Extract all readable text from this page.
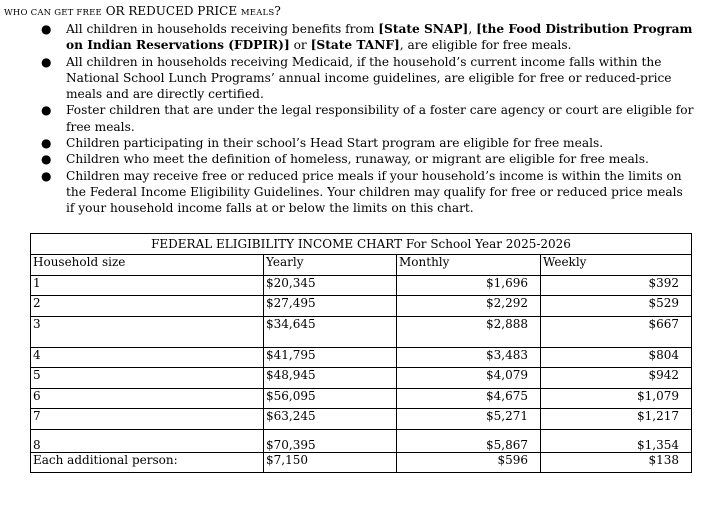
WHO CAN GET FREE OR REDUCED PRICE MEALS?
● All children in households receiving benefits from [State SNAP], [the Food Distribution Program on Indian Reservations (FDPIR)] or [State TANF], are eligible for free meals.
● All children in households receiving Medicaid, if the household’s current income falls within the National School Lunch Programs’ annual income guidelines, are eligible for free or reduced-price meals and are directly certified.
● Foster children that are under the legal responsibility of a foster care agency or court are eligible for free meals.
● Children participating in their school’s Head Start program are eligible for free meals.
● Children who meet the definition of homeless, runaway, or migrant are eligible for free meals.
● Children may receive free or reduced price meals if your household’s income is within the limits on the Federal Income Eligibility Guidelines. Your children may qualify for free or reduced price meals if your household income falls at or below the limits on this chart.
FEDERAL ELIGIBILITY INCOME CHART For School Year 2025-2026			
Household size	Yearly	Monthly	Weekly
1	$20,345	$1,696	$392
2	$27,495	$2,292	$529
3	$34,645	$2,888	$667
4	$41,795	$3,483	$804
5	$48,945	$4,079	$942
6	$56,095	$4,675	$1,079
7	$63,245	$5,271	$1,217
8	$70,395	$5,867	$1,354
Each additional person:	$7,150	$596	$138
